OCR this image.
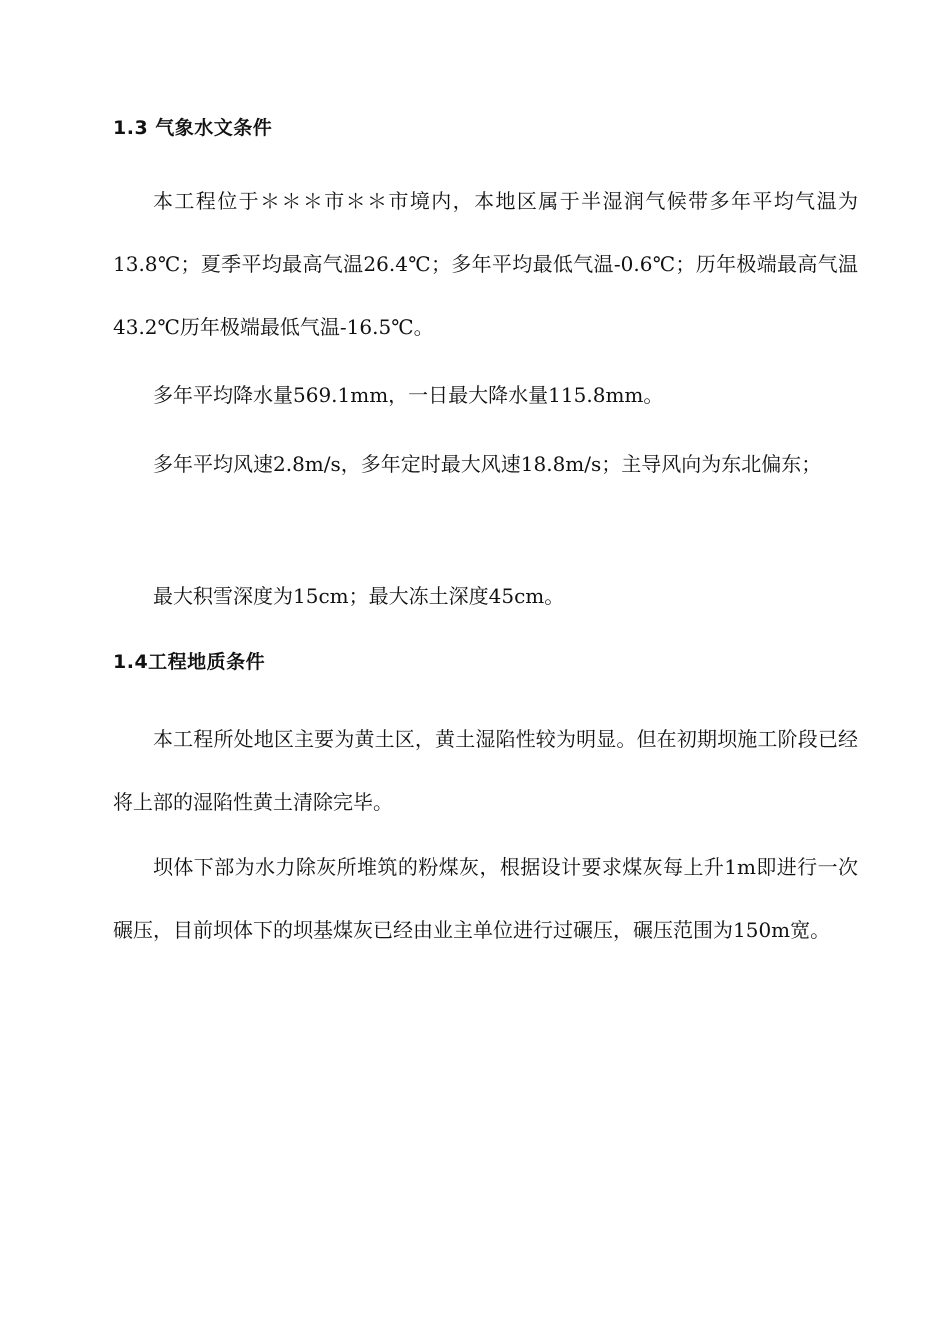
1.3 气象水文条件

本工程位于＊＊＊市＊＊市境内，本地区属于半湿润气候带多年平均气温为13.8℃；夏季平均最高气温26.4℃；多年平均最低气温-0.6℃；历年极端最高气温43.2℃历年极端最低气温-16.5℃。

多年平均降水量569.1mm，一日最大降水量115.8mm。

多年平均风速2.8m/s，多年定时最大风速18.8m/s；主导风向为东北偏东；

最大积雪深度为15cm；最大冻土深度45cm。

1.4工程地质条件

本工程所处地区主要为黄土区，黄土湿陷性较为明显。但在初期坝施工阶段已经将上部的湿陷性黄土清除完毕。

坝体下部为水力除灰所堆筑的粉煤灰，根据设计要求煤灰每上升1m即进行一次碾压，目前坝体下的坝基煤灰已经由业主单位进行过碾压，碾压范围为150m宽。
